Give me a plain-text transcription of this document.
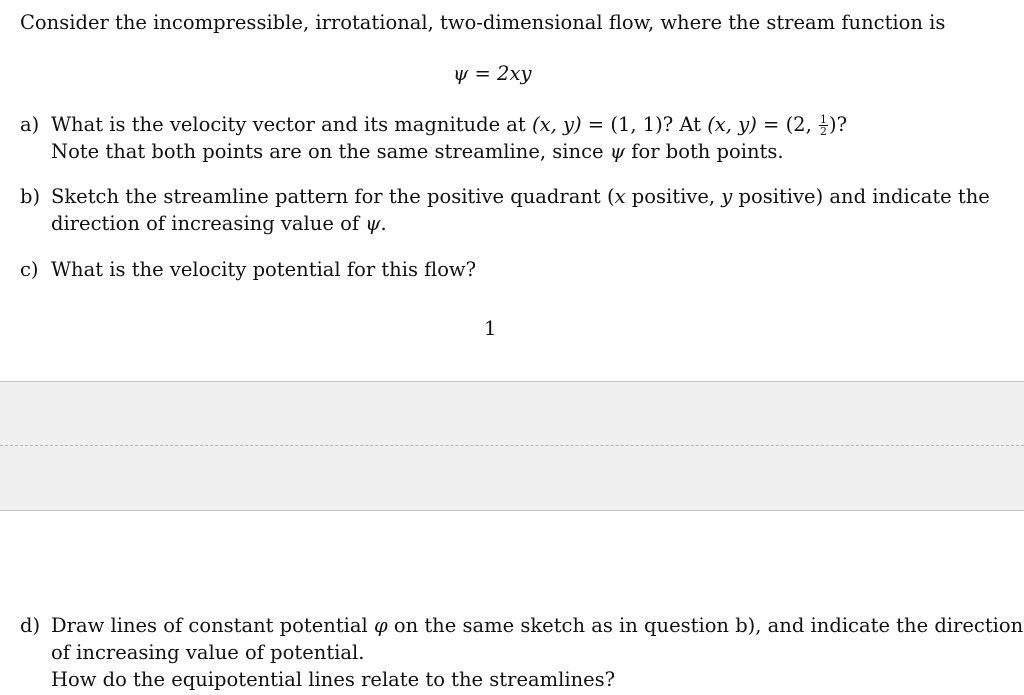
Consider the incompressible, irrotational, two-dimensional flow, where the stream function is
ψ = 2xy
a) What is the velocity vector and its magnitude at (x, y) = (1, 1)? At (x, y) = (2, $\frac{1}{2}$ )?
Note that both points are on the same streamline, since ψ for both points.
b) Sketch the streamline pattern for the positive quadrant (x positive, y positive) and indicate the
direction of increasing value of ψ.
c) What is the velocity potential for this flow?
1
d) Draw lines of constant potential φ on the same sketch as in question b), and indicate the direction
of increasing value of potential.
How do the equipotential lines relate to the streamlines?
